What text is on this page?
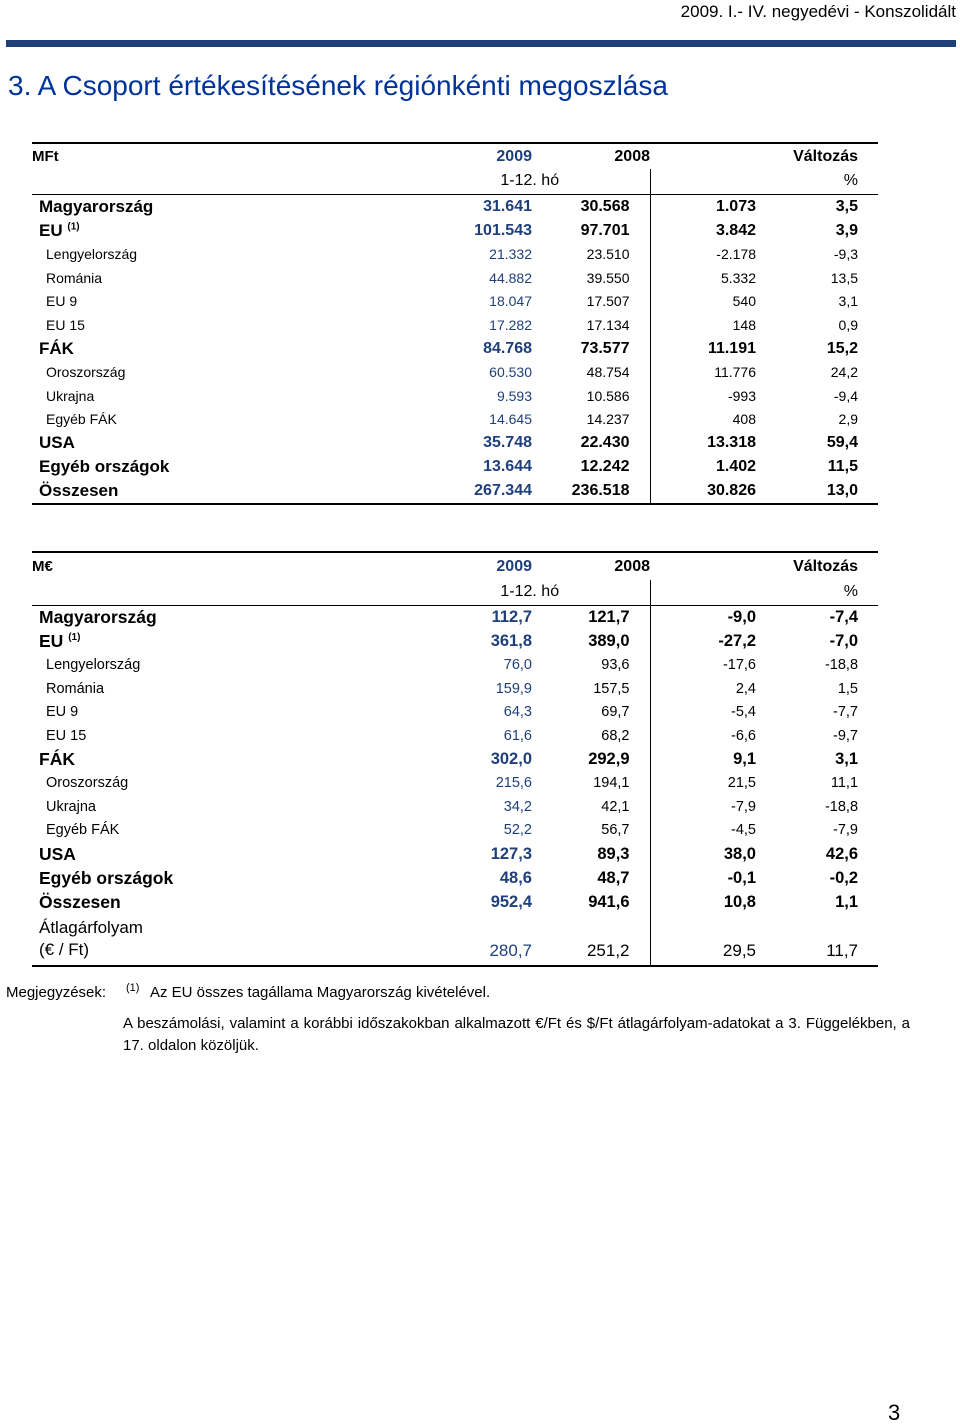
2009. I.- IV. negyedévi - Konszolidált
3. A Csoport értékesítésének régiónkénti megoszlása
MFt	2009	2008	Változás	
	1-12. hó			%
Magyarország	31.641	30.568	1.073	3,5
EU $^{(1)}$	101.543	97.701	3.842	3,9
Lengyelország	21.332	23.510	-2.178	-9,3
Románia	44.882	39.550	5.332	13,5
EU 9	18.047	17.507	540	3,1
EU 15	17.282	17.134	148	0,9
FÁK	84.768	73.577	11.191	15,2
Oroszország	60.530	48.754	11.776	24,2
Ukrajna	9.593	10.586	-993	-9,4
Egyéb FÁK	14.645	14.237	408	2,9
USA	35.748	22.430	13.318	59,4
Egyéb országok	13.644	12.242	1.402	11,5
Összesen	267.344	236.518	30.826	13,0
M€	2009	2008	Változás	
	1-12. hó			%
Magyarország	112,7	121,7	-9,0	-7,4
EU $^{(1)}$	361,8	389,0	-27,2	-7,0
Lengyelország	76,0	93,6	-17,6	-18,8
Románia	159,9	157,5	2,4	1,5
EU 9	64,3	69,7	-5,4	-7,7
EU 15	61,6	68,2	-6,6	-9,7
FÁK	302,0	292,9	9,1	3,1
Oroszország	215,6	194,1	21,5	11,1
Ukrajna	34,2	42,1	-7,9	-18,8
Egyéb FÁK	52,2	56,7	-4,5	-7,9
USA	127,3	89,3	38,0	42,6
Egyéb országok	48,6	48,7	-0,1	-0,2
Összesen	952,4	941,6	10,8	1,1

Átlagárfolyam
(€ / Ft)	280,7	251,2	29,5	11,7
Megjegyzések:	(1) Az EU összes tagállama Magyarország kivételével.
A beszámolási, valamint a korábbi időszakokban alkalmazott €/Ft és $/Ft átlagárfolyam-adatokat a 3. Függelékben, a 17. oldalon közöljük.
3
